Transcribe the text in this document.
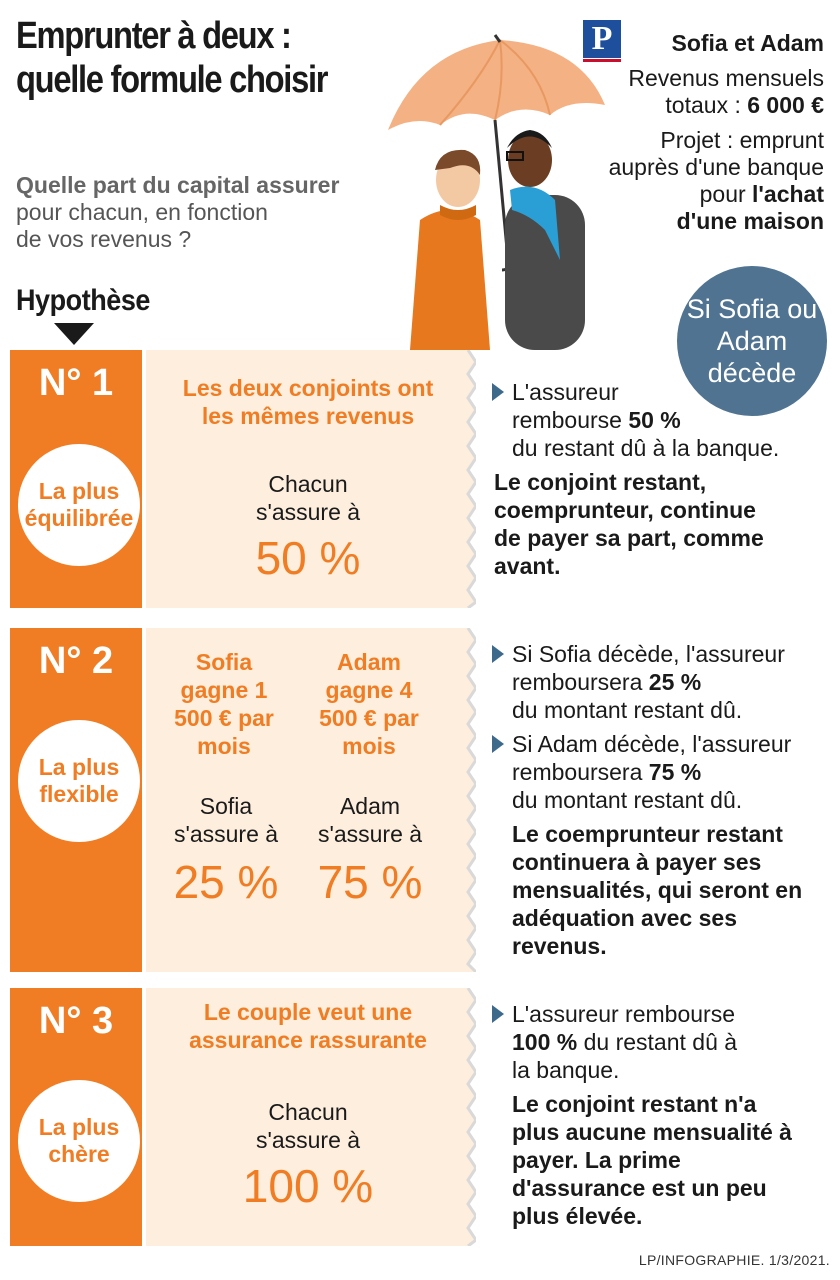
Emprunter à deux :
quelle formule choisir
Quelle part du capital assurer
pour chacun, en fonction
de vos revenus ?
P	Sofia et Adam
Revenus mensuels
totaux : 6 000 €
Projet : emprunt
auprès d'une banque
pour l'achat
d'une maison
Si Sofia ou Adam décède
Hypothèse
N° 1
La plus équilibrée
Les deux conjoints ont les mêmes revenus
Chacun
s'assure à
50 %
L'assureur
rembourse 50 %
du restant dû à la banque.
Le conjoint restant, coemprunteur, continue de payer sa part, comme avant.
N° 2
La plus flexible
Sofia gagne 1 500 € par mois
Adam gagne 4 500 € par mois
Sofia
s'assure à
Adam
s'assure à
25 % 75 %
Si Sofia décède, l'assureur
remboursera 25 %
du montant restant dû.
Si Adam décède, l'assureur
remboursera 75 %
du montant restant dû.
Le coemprunteur restant continuera à payer ses mensualités, qui seront en adéquation avec ses revenus.
N° 3
La plus chère
Le couple veut une assurance rassurante
Chacun
s'assure à
100 %
L'assureur rembourse
100 % du restant dû à
la banque.
Le conjoint restant n'a plus aucune mensualité à payer. La prime d'assurance est un peu plus élevée.
LP/INFOGRAPHIE. 1/3/2021.
